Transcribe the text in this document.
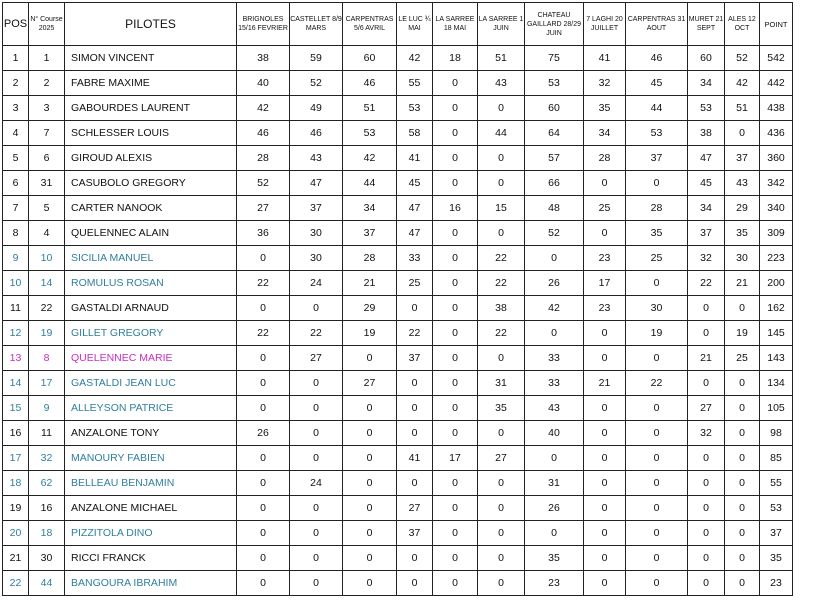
POS	N° Course 2025	PILOTES	BRIGNOLES 15/16 FEVRIER	CASTELLET 8/9 MARS	CARPENTRAS 5/6 AVRIL	LE LUC ¾ MAI	LA SARREE 18 MAI	LA SARREE 1 JUIN	CHATEAU GAILLARD 28/29 JUIN	7 LAGHI 20 JUILLET	CARPENTRAS 31 AOUT	MURET 21 SEPT	ALES 12 OCT	POINT
1	1	SIMON VINCENT	38	59	60	42	18	51	75	41	46	60	52	542
2	2	FABRE MAXIME	40	52	46	55	0	43	53	32	45	34	42	442
3	3	GABOURDES LAURENT	42	49	51	53	0	0	60	35	44	53	51	438
4	7	SCHLESSER LOUIS	46	46	53	58	0	44	64	34	53	38	0	436
5	6	GIROUD ALEXIS	28	43	42	41	0	0	57	28	37	47	37	360
6	31	CASUBOLO GREGORY	52	47	44	45	0	0	66	0	0	45	43	342
7	5	CARTER NANOOK	27	37	34	47	16	15	48	25	28	34	29	340
8	4	QUELENNEC ALAIN	36	30	37	47	0	0	52	0	35	37	35	309
9	10	SICILIA MANUEL	0	30	28	33	0	22	0	23	25	32	30	223
10	14	ROMULUS ROSAN	22	24	21	25	0	22	26	17	0	22	21	200
11	22	GASTALDI ARNAUD	0	0	29	0	0	38	42	23	30	0	0	162
12	19	GILLET GREGORY	22	22	19	22	0	22	0	0	19	0	19	145
13	8	QUELENNEC MARIE	0	27	0	37	0	0	33	0	0	21	25	143
14	17	GASTALDI JEAN LUC	0	0	27	0	0	31	33	21	22	0	0	134
15	9	ALLEYSON PATRICE	0	0	0	0	0	35	43	0	0	27	0	105
16	11	ANZALONE TONY	26	0	0	0	0	0	40	0	0	32	0	98
17	32	MANOURY FABIEN	0	0	0	41	17	27	0	0	0	0	0	85
18	62	BELLEAU BENJAMIN	0	24	0	0	0	0	31	0	0	0	0	55
19	16	ANZALONE MICHAEL	0	0	0	27	0	0	26	0	0	0	0	53
20	18	PIZZITOLA DINO	0	0	0	37	0	0	0	0	0	0	0	37
21	30	RICCI FRANCK	0	0	0	0	0	0	35	0	0	0	0	35
22	44	BANGOURA IBRAHIM	0	0	0	0	0	0	23	0	0	0	0	23
